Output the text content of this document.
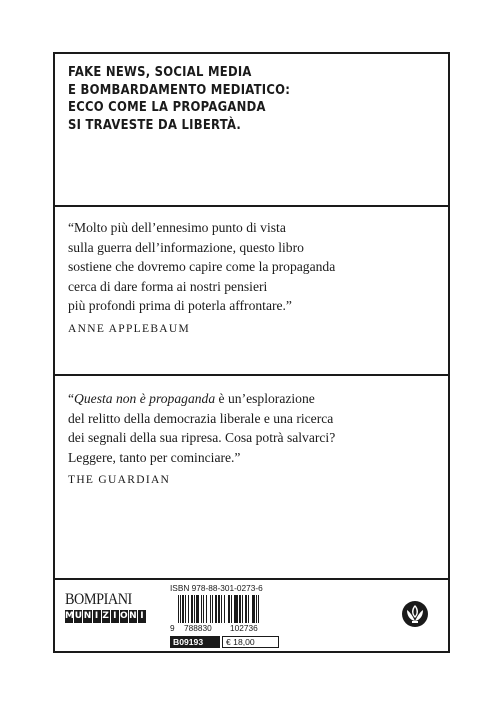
FAKE NEWS, SOCIAL MEDIA
E BOMBARDAMENTO MEDIATICO:
ECCO COME LA PROPAGANDA
SI TRAVESTE DA LIBERTÀ.

“Molto più dell’ennesimo punto di vista
sulla guerra dell’informazione, questo libro
sostiene che dovremo capire come la propaganda
cerca di dare forma ai nostri pensieri
più profondi prima di poterla affrontare.”
ANNE APPLEBAUM

“Questa non è propaganda è un’esplorazione
del relitto della democrazia liberale e una ricerca
dei segnali della sua ripresa. Cosa potrà salvarci?
Leggere, tanto per cominciare.”
THE GUARDIAN

BOMPIANI
M U N I Z I O N I
ISBN 978-88-301-0273-6
9 788830 102736
B09193	€ 18,00
